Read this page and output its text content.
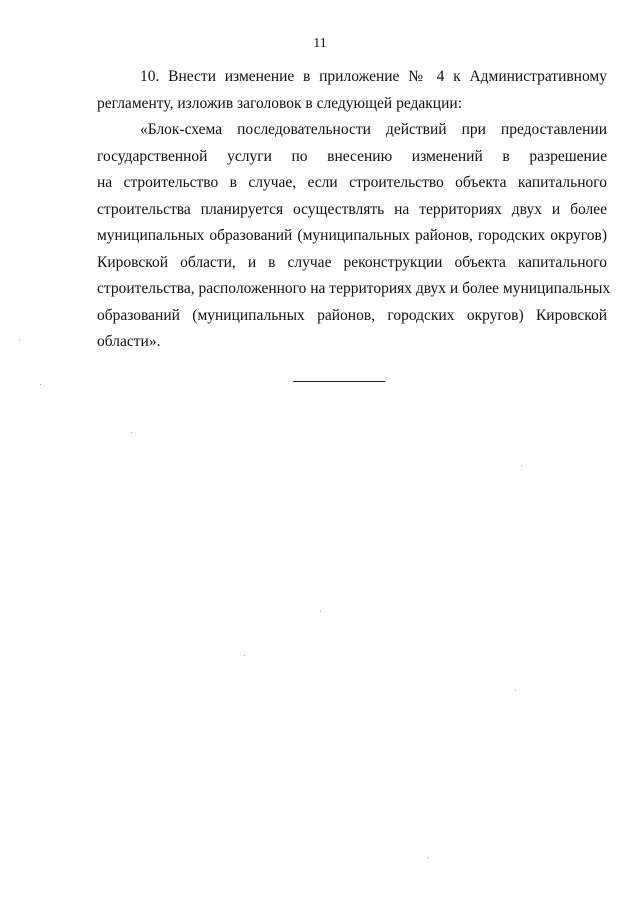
11
10. Внести изменение в приложение № 4 к Административному
регламенту, изложив заголовок в следующей редакции:
«Блок-схема последовательности действий при предоставлении
государственной услуги по внесению изменений в разрешение
на строительство в случае, если строительство объекта капитального
строительства планируется осуществлять на территориях двух и более
муниципальных образований (муниципальных районов, городских округов)
Кировской области, и в случае реконструкции объекта капитального
строительства, расположенного на территориях двух и более муниципальных
образований (муниципальных районов, городских округов) Кировской
области».
